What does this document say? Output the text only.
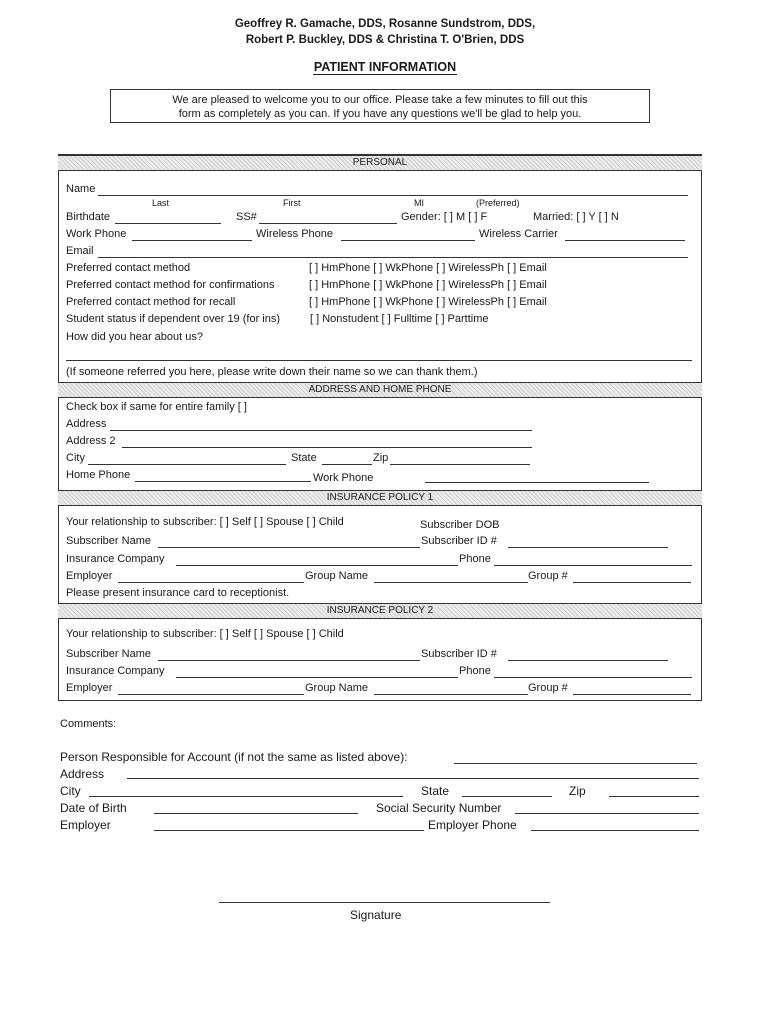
Geoffrey R. Gamache, DDS, Rosanne Sundstrom, DDS,
Robert P. Buckley, DDS & Christina T. O'Brien, DDS
PATIENT INFORMATION
We are pleased to welcome you to our office. Please take a few minutes to fill out this
form as completely as you can. If you have any questions we'll be glad to help you.
PERSONAL
Name
Last	First	MI	(Preferred)
Birthdate	SS#	Gender: [ ] M [ ] F	Married: [ ] Y [ ] N
Work Phone	Wireless Phone	Wireless Carrier
Email
Preferred contact method	[ ] HmPhone [ ] WkPhone [ ] WirelessPh [ ] Email
Preferred contact method for confirmations	[ ] HmPhone [ ] WkPhone [ ] WirelessPh [ ] Email
Preferred contact method for recall	[ ] HmPhone [ ] WkPhone [ ] WirelessPh [ ] Email
Student status if dependent over 19 (for ins)	[ ] Nonstudent [ ] Fulltime [ ] Parttime
How did you hear about us?
(If someone referred you here, please write down their name so we can thank them.)
ADDRESS AND HOME PHONE
Check box if same for entire family [ ]
Address
Address 2
City	State	Zip
Home Phone	Work Phone
INSURANCE POLICY 1
Your relationship to subscriber: [ ] Self [ ] Spouse [ ] Child	Subscriber DOB
Subscriber Name	Subscriber ID #
Insurance Company	Phone
Employer	Group Name	Group #
Please present insurance card to receptionist.
INSURANCE POLICY 2
Your relationship to subscriber: [ ] Self [ ] Spouse [ ] Child
Subscriber Name	Subscriber ID #
Insurance Company	Phone
Employer	Group Name	Group #
Comments:
Person Responsible for Account (if not the same as listed above):
Address
City	State	Zip
Date of Birth	Social Security Number
Employer	Employer Phone
Signature
